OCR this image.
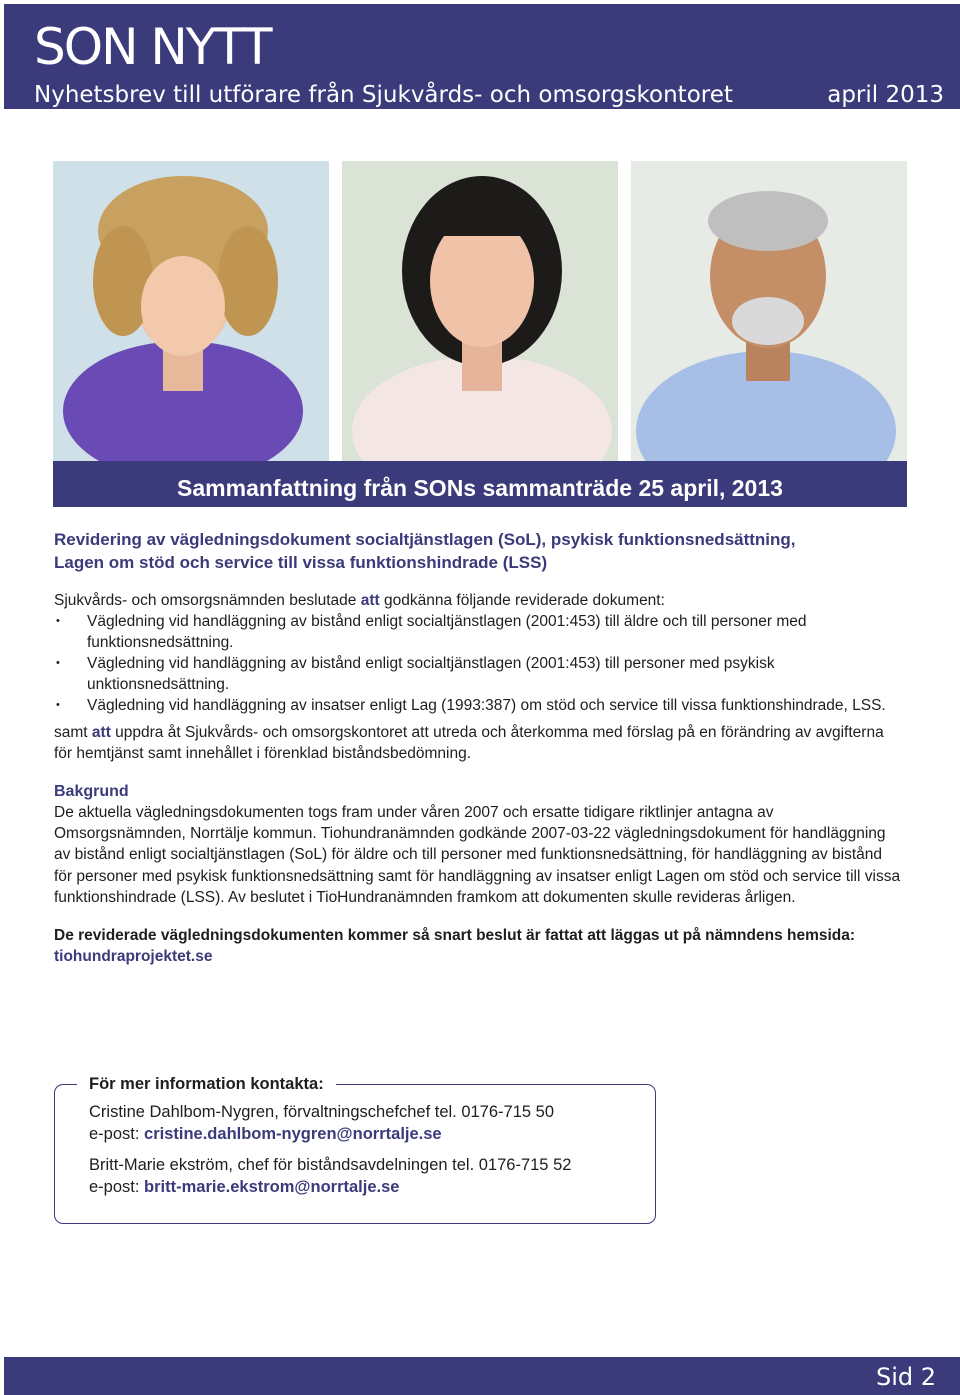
SON NYTT
Nyhetsbrev till utförare från Sjukvårds- och omsorgskontoret	april 2013
Sammanfattning från SONs sammanträde 25 april, 2013
Revidering av vägledningsdokument socialtjänstlagen (SoL), psykisk funktionsnedsättning,
Lagen om stöd och service till vissa funktionshindrade (LSS)

Sjukvårds- och omsorgsnämnden beslutade att godkänna följande reviderade dokument:

• Vägledning vid handläggning av bistånd enligt socialtjänstlagen (2001:453) till äldre och till personer med funktionsnedsättning.
• Vägledning vid handläggning av bistånd enligt socialtjänstlagen (2001:453) till personer med psykisk unktionsnedsättning.
• Vägledning vid handläggning av insatser enligt Lag (1993:387) om stöd och service till vissa funktionshindrade, LSS.

samt att uppdra åt Sjukvårds- och omsorgskontoret att utreda och återkomma med förslag på en förändring av avgifterna för hemtjänst samt innehållet i förenklad biståndsbedömning.

Bakgrund

De aktuella vägledningsdokumenten togs fram under våren 2007 och ersatte tidigare riktlinjer antagna av Omsorgsnämnden, Norrtälje kommun. Tiohundranämnden godkände 2007-03-22 vägledningsdokument för handläggning av bistånd enligt socialtjänstlagen (SoL) för äldre och till personer med funktionsnedsättning, för handläggning av bistånd för personer med psykisk funktionsnedsättning samt för handläggning av insatser enligt Lagen om stöd och service till vissa funktionshindrade (LSS). Av beslutet i TioHundranämnden framkom att dokumenten skulle revideras årligen.

De reviderade vägledningsdokumenten kommer så snart beslut är fattat att läggas ut på nämndens hemsida: tiohundraprojektet.se

För mer information kontakta:
Cristine Dahlbom-Nygren, förvaltningschefchef tel. 0176-715 50
e-post: cristine.dahlbom-nygren@norrtalje.se
Britt-Marie ekström, chef för biståndsavdelningen tel. 0176-715 52
e-post: britt-marie.ekstrom@norrtalje.se
Sid 2
